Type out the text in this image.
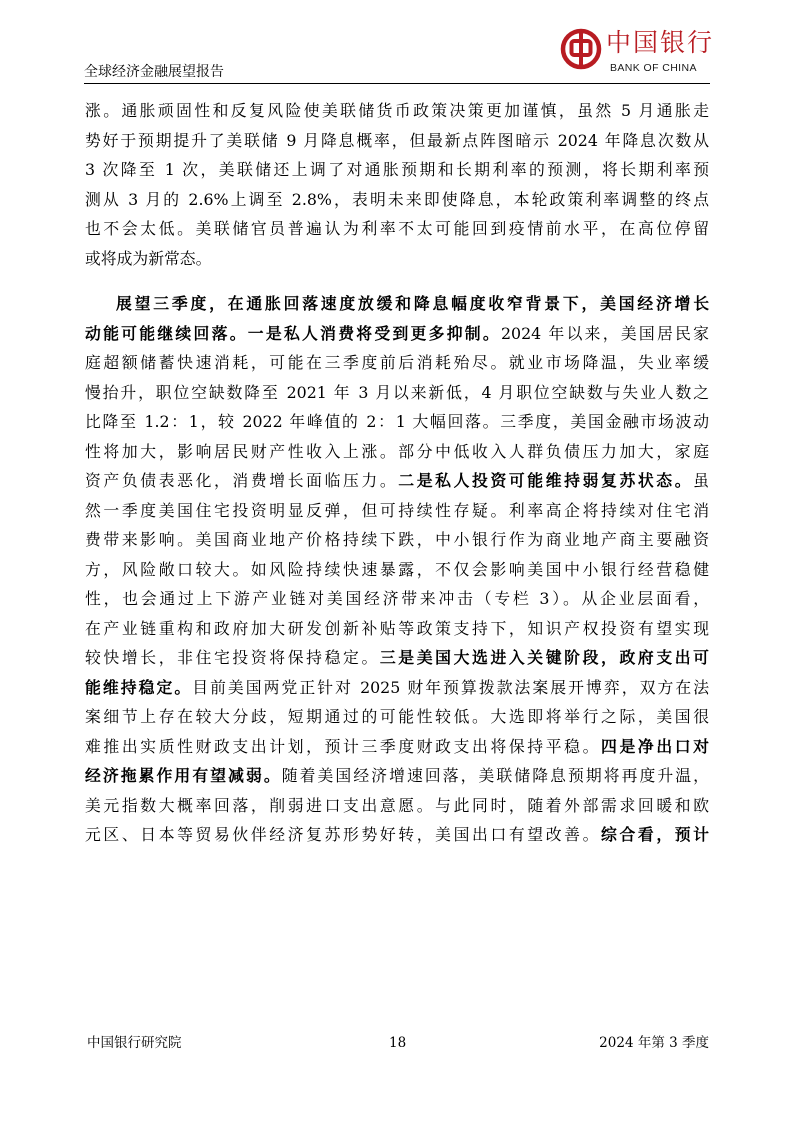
全球经济金融展望报告
中国银行
BANK OF CHINA
涨。通胀顽固性和反复风险使美联储货币政策决策更加谨慎，虽然 5 月通胀走
势好于预期提升了美联储 9 月降息概率，但最新点阵图暗示 2024 年降息次数从
3 次降至 1 次，美联储还上调了对通胀预期和长期利率的预测，将长期利率预
测从 3 月的 2.6%上调至 2.8%，表明未来即使降息，本轮政策利率调整的终点
也不会太低。美联储官员普遍认为利率不太可能回到疫情前水平，在高位停留
或将成为新常态。
展望三季度，在通胀回落速度放缓和降息幅度收窄背景下，美国经济增长
动能可能继续回落。一是私人消费将受到更多抑制。2024 年以来，美国居民家
庭超额储蓄快速消耗，可能在三季度前后消耗殆尽。就业市场降温，失业率缓
慢抬升，职位空缺数降至 2021 年 3 月以来新低，4 月职位空缺数与失业人数之
比降至 1.2：1，较 2022 年峰值的 2：1 大幅回落。三季度，美国金融市场波动
性将加大，影响居民财产性收入上涨。部分中低收入人群负债压力加大，家庭
资产负债表恶化，消费增长面临压力。二是私人投资可能维持弱复苏状态。虽
然一季度美国住宅投资明显反弹，但可持续性存疑。利率高企将持续对住宅消
费带来影响。美国商业地产价格持续下跌，中小银行作为商业地产商主要融资
方，风险敞口较大。如风险持续快速暴露，不仅会影响美国中小银行经营稳健
性，也会通过上下游产业链对美国经济带来冲击（专栏 3）。从企业层面看，
在产业链重构和政府加大研发创新补贴等政策支持下，知识产权投资有望实现
较快增长，非住宅投资将保持稳定。三是美国大选进入关键阶段，政府支出可
能维持稳定。目前美国两党正针对 2025 财年预算拨款法案展开博弈，双方在法
案细节上存在较大分歧，短期通过的可能性较低。大选即将举行之际，美国很
难推出实质性财政支出计划，预计三季度财政支出将保持平稳。四是净出口对
经济拖累作用有望减弱。随着美国经济增速回落，美联储降息预期将再度升温，
美元指数大概率回落，削弱进口支出意愿。与此同时，随着外部需求回暖和欧
元区、日本等贸易伙伴经济复苏形势好转，美国出口有望改善。综合看，预计
中国银行研究院	18	2024 年第 3 季度
